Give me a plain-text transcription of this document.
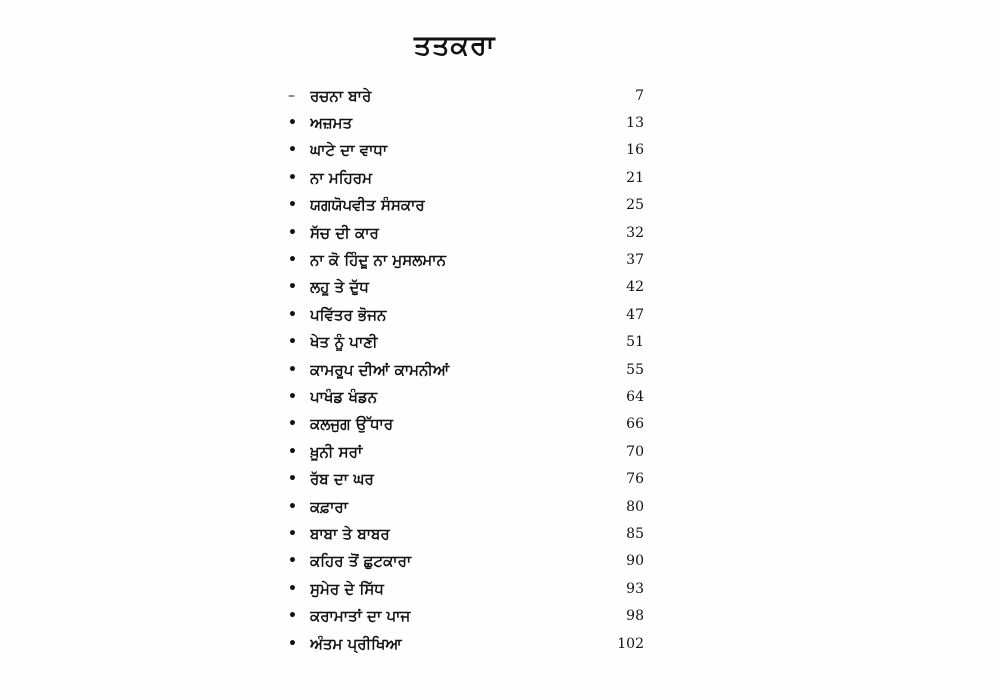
ਤਤਕਰਾ
–	ਰਚਨਾ ਬਾਰੇ	7
• ਅਜ਼ਮਤ	13
• ਘਾਟੇ ਦਾ ਵਾਧਾ	16
• ਨਾ ਮਹਿਰਮ	21
• ਯਗਯੋਪਵੀਤ ਸੰਸਕਾਰ	25
• ਸੱਚ ਦੀ ਕਾਰ	32
• ਨਾ ਕੋ ਹਿੰਦੂ ਨਾ ਮੁਸਲਮਾਨ	37
• ਲਹੂ ਤੇ ਦੁੱਧ	42
• ਪਵਿੱਤਰ ਭੋਜਨ	47
• ਖੇਤ ਨੂੰ ਪਾਣੀ	51
• ਕਾਮਰੂਪ ਦੀਆਂ ਕਾਮਨੀਆਂ	55
• ਪਾਖੰਡ ਖੰਡਨ	64
• ਕਲਜੁਗ ਉੱਧਾਰ	66
• ਖ਼ੂਨੀ ਸਰਾਂ	70
• ਰੱਬ ਦਾ ਘਰ	76
• ਕਫ਼ਾਰਾ	80
• ਬਾਬਾ ਤੇ ਬਾਬਰ	85
• ਕਹਿਰ ਤੋਂ ਛੁਟਕਾਰਾ	90
• ਸੁਮੇਰ ਦੇ ਸਿੱਧ	93
• ਕਰਾਮਾਤਾਂ ਦਾ ਪਾਜ	98
• ਅੰਤਮ ਪ੍ਰੀਖਿਆ	102
